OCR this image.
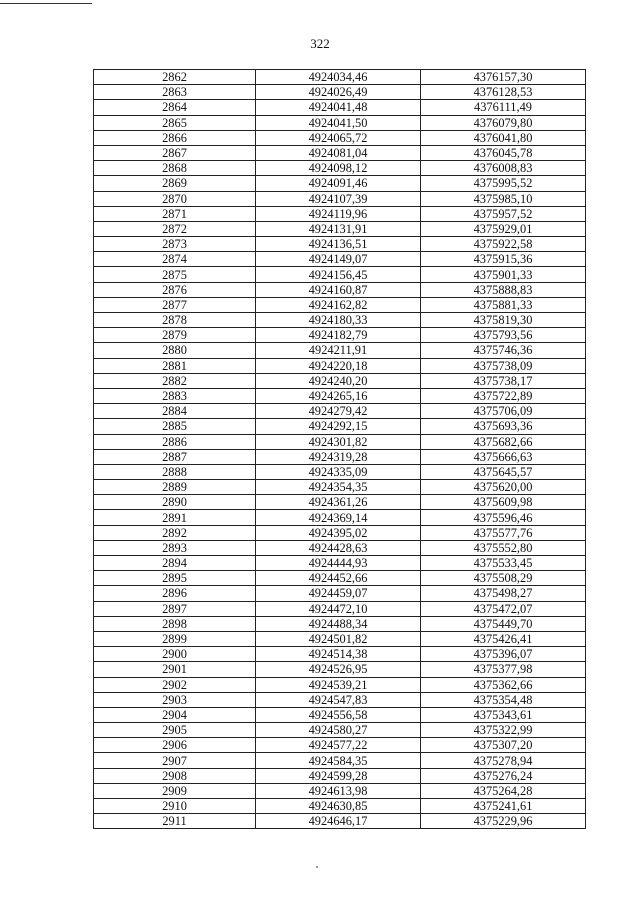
322
2862	4924034,46	4376157,30
2863	4924026,49	4376128,53
2864	4924041,48	4376111,49
2865	4924041,50	4376079,80
2866	4924065,72	4376041,80
2867	4924081,04	4376045,78
2868	4924098,12	4376008,83
2869	4924091,46	4375995,52
2870	4924107,39	4375985,10
2871	4924119,96	4375957,52
2872	4924131,91	4375929,01
2873	4924136,51	4375922,58
2874	4924149,07	4375915,36
2875	4924156,45	4375901,33
2876	4924160,87	4375888,83
2877	4924162,82	4375881,33
2878	4924180,33	4375819,30
2879	4924182,79	4375793,56
2880	4924211,91	4375746,36
2881	4924220,18	4375738,09
2882	4924240,20	4375738,17
2883	4924265,16	4375722,89
2884	4924279,42	4375706,09
2885	4924292,15	4375693,36
2886	4924301,82	4375682,66
2887	4924319,28	4375666,63
2888	4924335,09	4375645,57
2889	4924354,35	4375620,00
2890	4924361,26	4375609,98
2891	4924369,14	4375596,46
2892	4924395,02	4375577,76
2893	4924428,63	4375552,80
2894	4924444,93	4375533,45
2895	4924452,66	4375508,29
2896	4924459,07	4375498,27
2897	4924472,10	4375472,07
2898	4924488,34	4375449,70
2899	4924501,82	4375426,41
2900	4924514,38	4375396,07
2901	4924526,95	4375377,98
2902	4924539,21	4375362,66
2903	4924547,83	4375354,48
2904	4924556,58	4375343,61
2905	4924580,27	4375322,99
2906	4924577,22	4375307,20
2907	4924584,35	4375278,94
2908	4924599,28	4375276,24
2909	4924613,98	4375264,28
2910	4924630,85	4375241,61
2911	4924646,17	4375229,96
